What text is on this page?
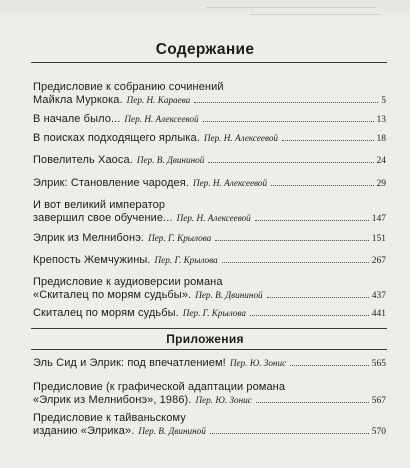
Содержание
Предисловие к собранию сочинений
Майкла Муркока. Пер. Н. Караева	5
В начале было... Пер. Н. Алексеевой	13
В поисках подходящего ярлыка. Пер. Н. Алексеевой	18
Повелитель Хаоса. Пер. В. Двининой	24
Элрик: Становление чародея. Пер. Н. Алексеевой	29
И вот великий император
завершил свое обучение... Пер. Н. Алексеевой	147
Элрик из Мелнибонэ. Пер. Г. Крылова	151
Крепость Жемчужины. Пер. Г. Крылова	267
Предисловие к аудиоверсии романа
«Скиталец по морям судьбы». Пер. В. Двининой	437
Скиталец по морям судьбы. Пер. Г. Крылова	441
Приложения
Эль Сид и Элрик: под впечатлением! Пер. Ю. Зонис	565
Предисловие (к графической адаптации романа
«Элрик из Мелнибонэ», 1986). Пер. Ю. Зонис	567
Предисловие к тайваньскому
изданию «Элрика». Пер. В. Двининой	570
